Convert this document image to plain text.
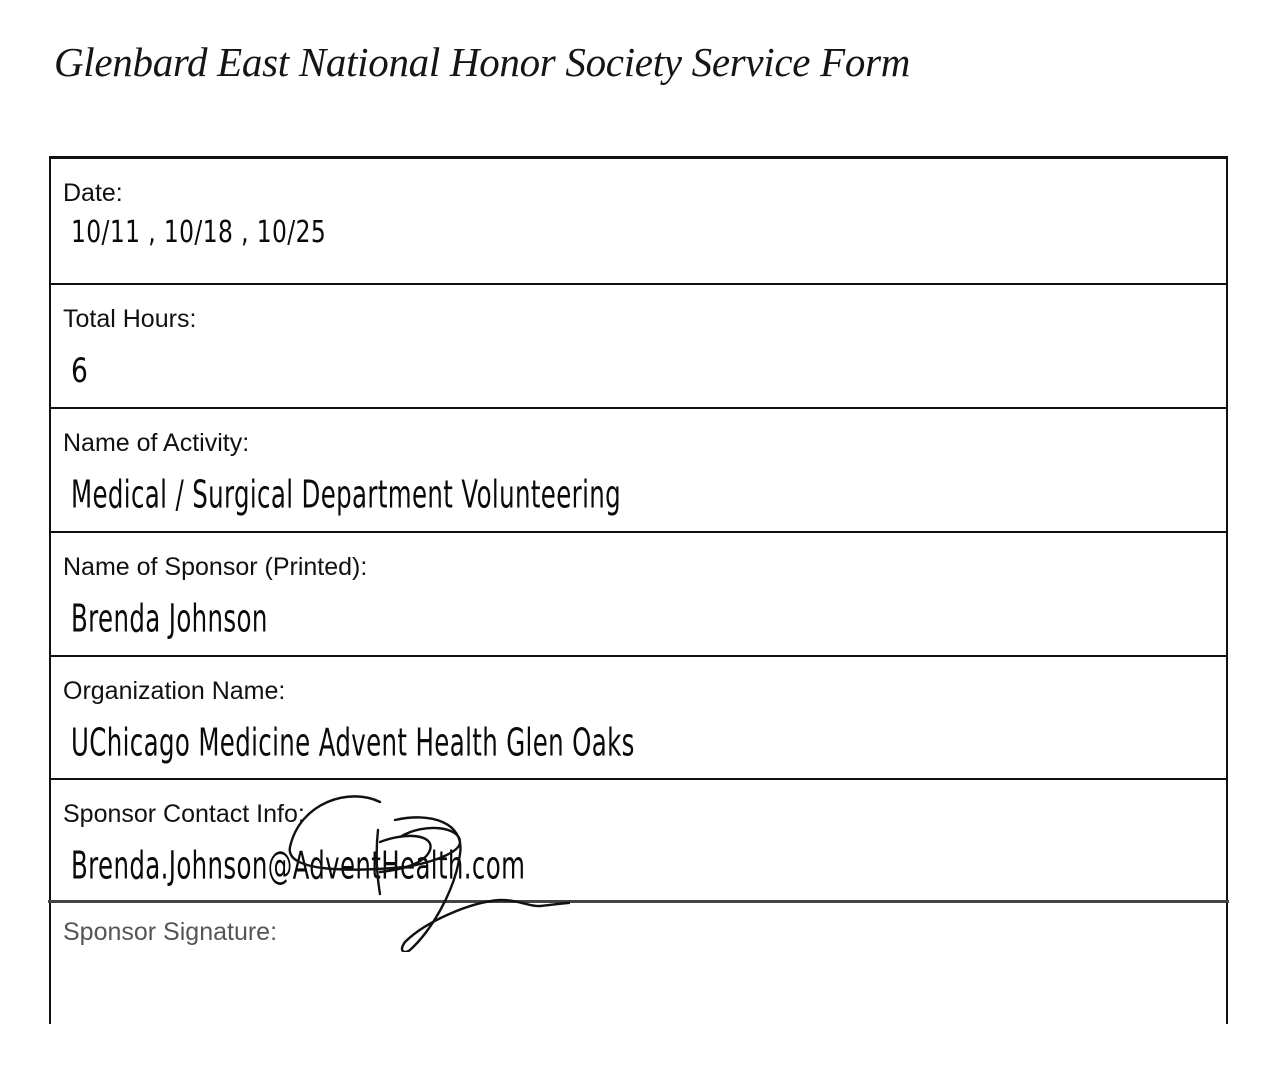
Glenbard East National Honor Society Service Form
Date:
10/11 , 10/18 , 10/25
Total Hours:
6
Name of Activity:
Medical / Surgical Department Volunteering
Name of Sponsor (Printed):
Brenda Johnson
Organization Name:
UChicago Medicine Advent Health Glen Oaks
Sponsor Contact Info:
Brenda.Johnson@AdventHealth.com
Sponsor Signature:
